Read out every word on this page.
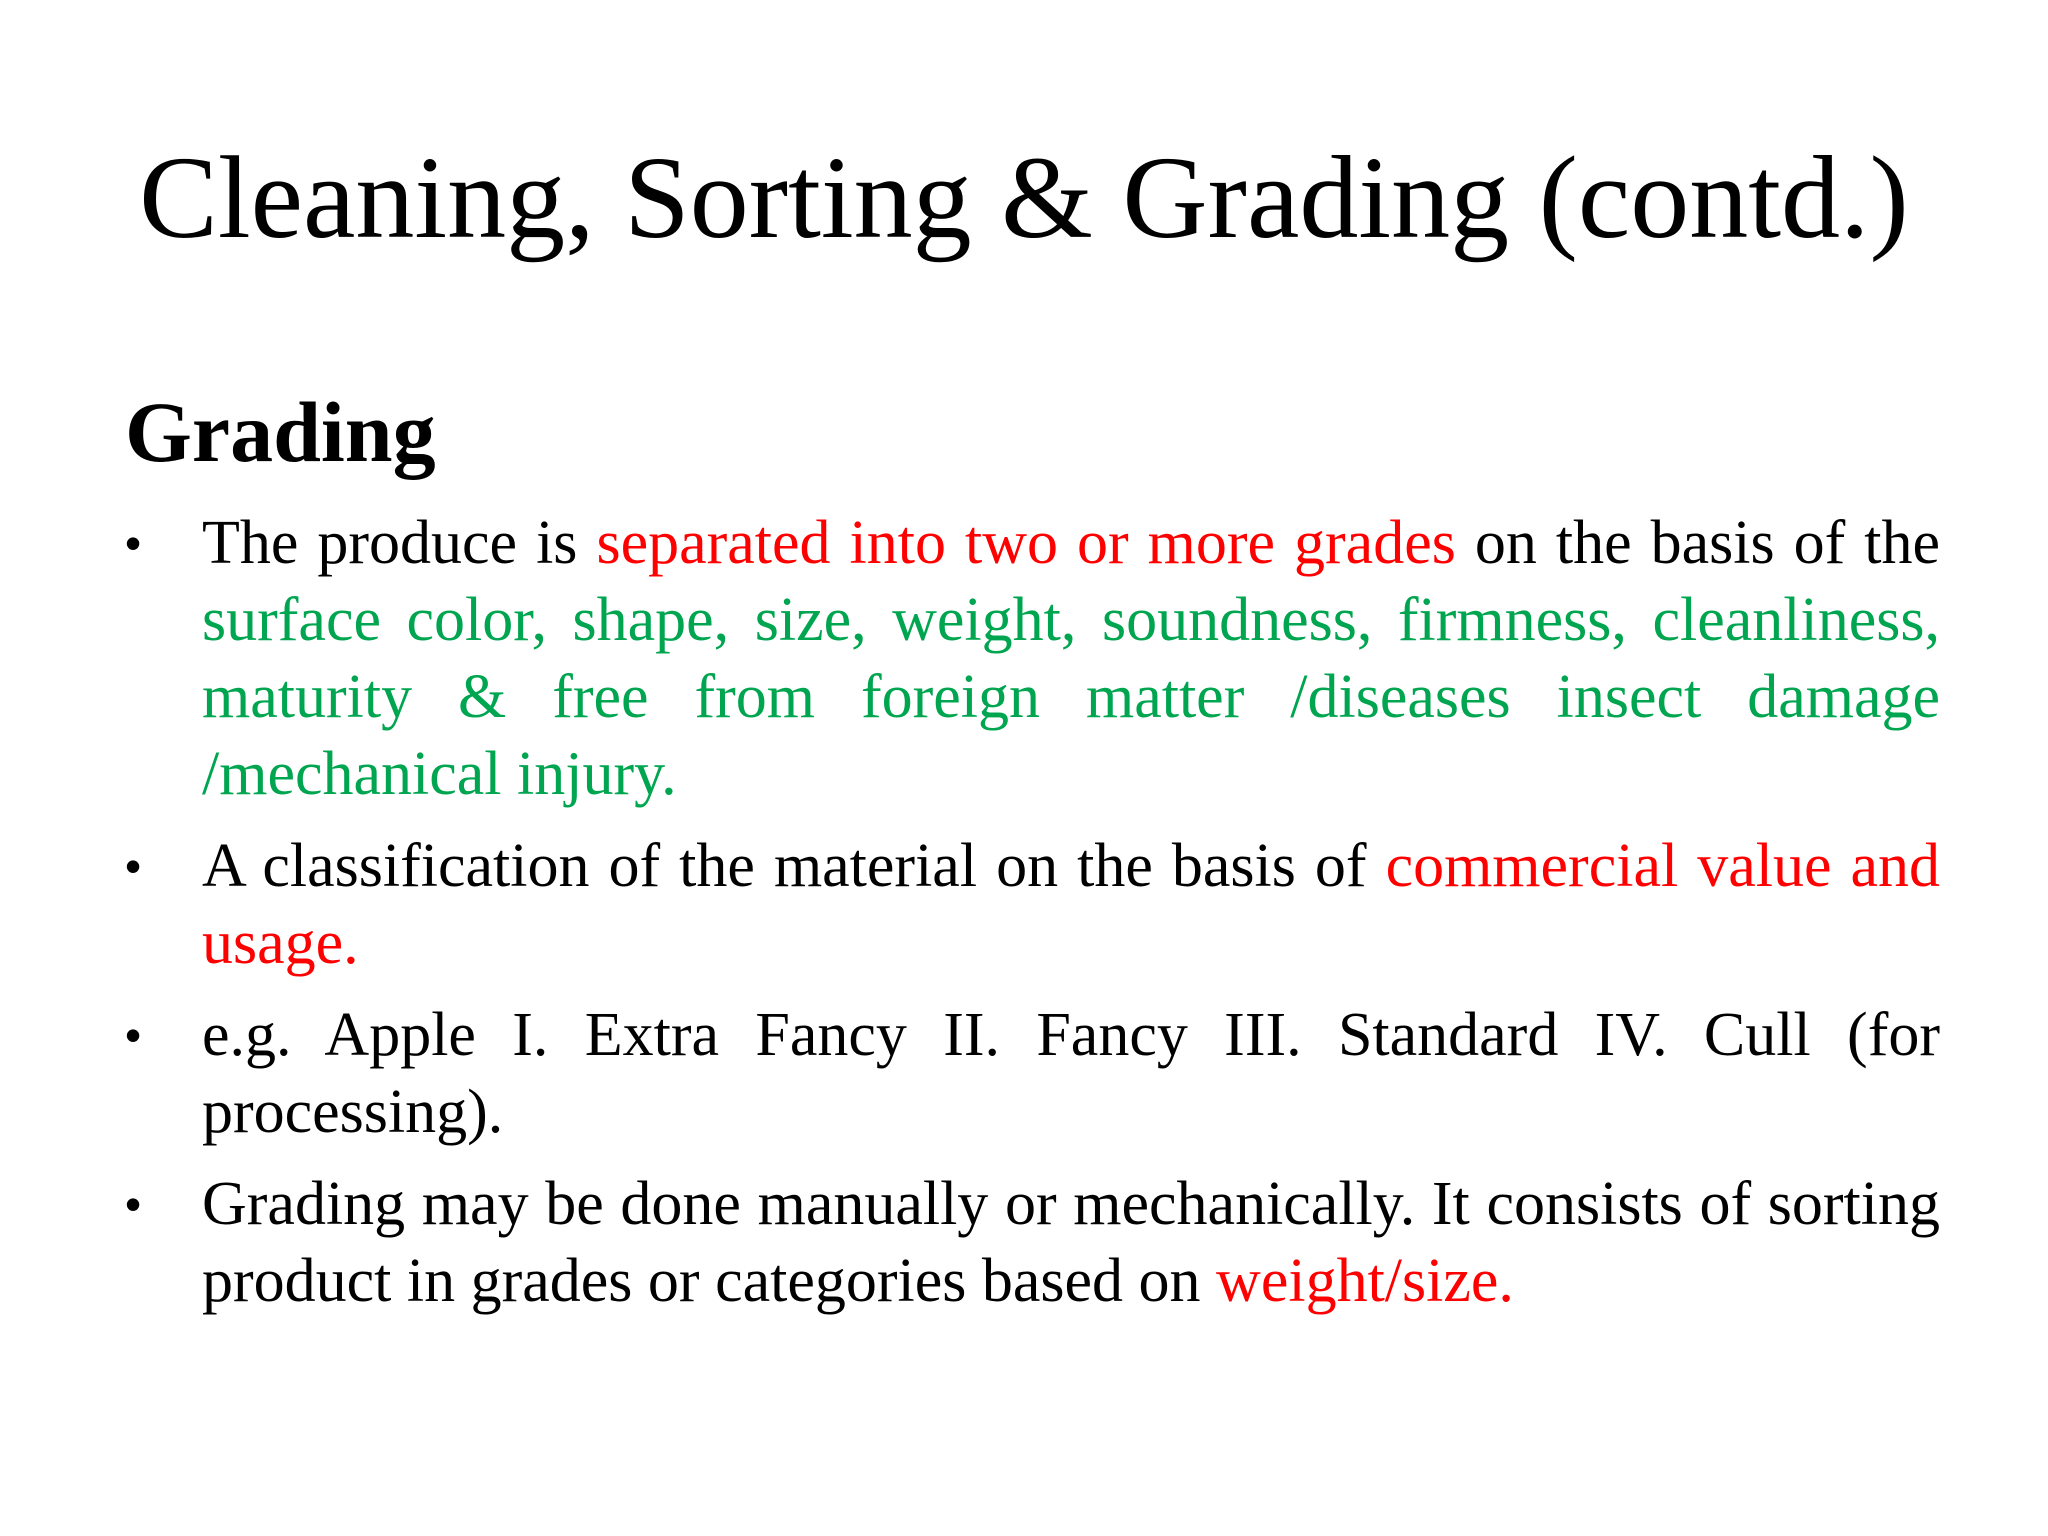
Cleaning, Sorting & Grading (contd.)
Grading
• The produce is separated into two or more grades on the basis of the surface color, shape, size, weight, soundness, firmness, cleanliness, maturity & free from foreign matter /diseases insect damage /mechanical injury.
• A classification of the material on the basis of commercial value and usage.
• e.g. Apple I. Extra Fancy II. Fancy III. Standard IV. Cull (for processing).
• Grading may be done manually or mechanically. It consists of sorting product in grades or categories based on weight/size.
